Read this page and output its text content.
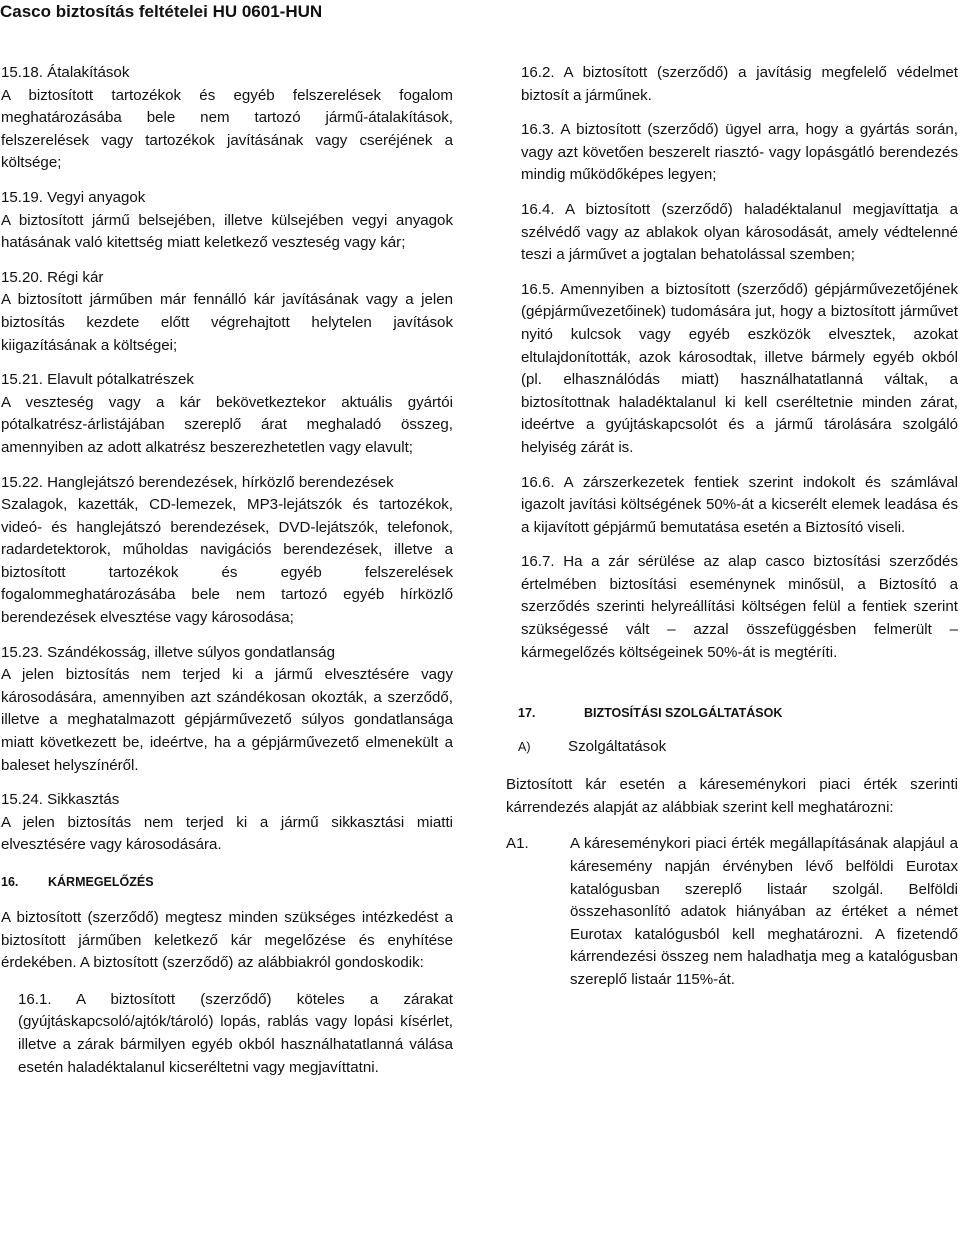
Casco biztosítás feltételei HU 0601-HUN
15.18. Átalakítások
A biztosított tartozékok és egyéb felszerelések fogalom meghatározásába bele nem tartozó jármű-átalakítások, felszerelések vagy tartozékok javításának vagy cseréjének a költsége;
15.19. Vegyi anyagok
A biztosított jármű belsejében, illetve külsejében vegyi anyagok hatásának való kitettség miatt keletkező veszteség vagy kár;
15.20. Régi kár
A biztosított járműben már fennálló kár javításának vagy a jelen biztosítás kezdete előtt végrehajtott helytelen javítások kiigazításának a költségei;
15.21. Elavult pótalkatrészek
A veszteség vagy a kár bekövetkeztekor aktuális gyártói pótalkatrész-árlistájában szereplő árat meghaladó összeg, amennyiben az adott alkatrész beszerezhetetlen vagy elavult;
15.22. Hanglejátszó berendezések, hírközlő berendezések
Szalagok, kazetták, CD-lemezek, MP3-lejátszók és tartozékok, videó- és hanglejátszó berendezések, DVD-lejátszók, telefonok, radardetektorok, műholdas navigációs berendezések, illetve a biztosított tartozékok és egyéb felszerelések fogalommeghatározásába bele nem tartozó egyéb hírközlő berendezések elvesztése vagy károsodása;
15.23. Szándékosság, illetve súlyos gondatlanság
A jelen biztosítás nem terjed ki a jármű elvesztésére vagy károsodására, amennyiben azt szándékosan okozták, a szerződő, illetve a meghatalmazott gépjárművezető súlyos gondatlansága miatt következett be, ideértve, ha a gépjárművezető elmenekült a baleset helyszínéről.
15.24. Sikkasztás
A jelen biztosítás nem terjed ki a jármű sikkasztási miatti elvesztésére vagy károsodására.
16. KÁRMEGELŐZÉS

A biztosított (szerződő) megtesz minden szükséges intézkedést a biztosított járműben keletkező kár megelőzése és enyhítése érdekében. A biztosított (szerződő) az alábbiakról gondoskodik:

16.1. A biztosított (szerződő) köteles a zárakat (gyújtáskapcsoló/ajtók/tároló) lopás, rablás vagy lopási kísérlet, illetve a zárak bármilyen egyéb okból használhatatlanná válása esetén haladéktalanul kicseréltetni vagy megjavíttatni.

16.2. A biztosított (szerződő) a javításig megfelelő védelmet biztosít a járműnek.

16.3. A biztosított (szerződő) ügyel arra, hogy a gyártás során, vagy azt követően beszerelt riasztó- vagy lopásgátló berendezés mindig működőképes legyen;

16.4. A biztosított (szerződő) haladéktalanul megjavíttatja a szélvédő vagy az ablakok olyan károsodását, amely védtelenné teszi a járművet a jogtalan behatolással szemben;

16.5. Amennyiben a biztosított (szerződő) gépjárművezetőjének (gépjárművezetőinek) tudomására jut, hogy a biztosított járművet nyitó kulcsok vagy egyéb eszközök elvesztek, azokat eltulajdonították, azok károsodtak, illetve bármely egyéb okból (pl. elhasználódás miatt) használhatatlanná váltak, a biztosítottnak haladéktalanul ki kell cseréltetnie minden zárat, ideértve a gyújtáskapcsolót és a jármű tárolására szolgáló helyiség zárát is.

16.6. A zárszerkezetek fentiek szerint indokolt és számlával igazolt javítási költségének 50%-át a kicserélt elemek leadása és a kijavított gépjármű bemutatása esetén a Biztosító viseli.

16.7. Ha a zár sérülése az alap casco biztosítási szerződés értelmében biztosítási eseménynek minősül, a Biztosító a szerződés szerinti helyreállítási költségen felül a fentiek szerint szükségessé vált – azzal összefüggésben felmerült – kármegelőzés költségeinek 50%-át is megtéríti.

17.	BIZTOSÍTÁSI SZOLGÁLTATÁSOK
A) Szolgáltatások

Biztosított kár esetén a káreseménykori piaci érték szerinti kárrendezés alapját az alábbiak szerint kell meghatározni:

A1.	A káreseménykori piaci érték megállapításának alapjául a káresemény napján érvényben lévő belföldi Eurotax katalógusban szereplő listaár szolgál. Belföldi összehasonlító adatok hiányában az értéket a német Eurotax katalógusból kell meghatározni. A fizetendő kárrendezési összeg nem haladhatja meg a katalógusban szereplő listaár 115%-át.
